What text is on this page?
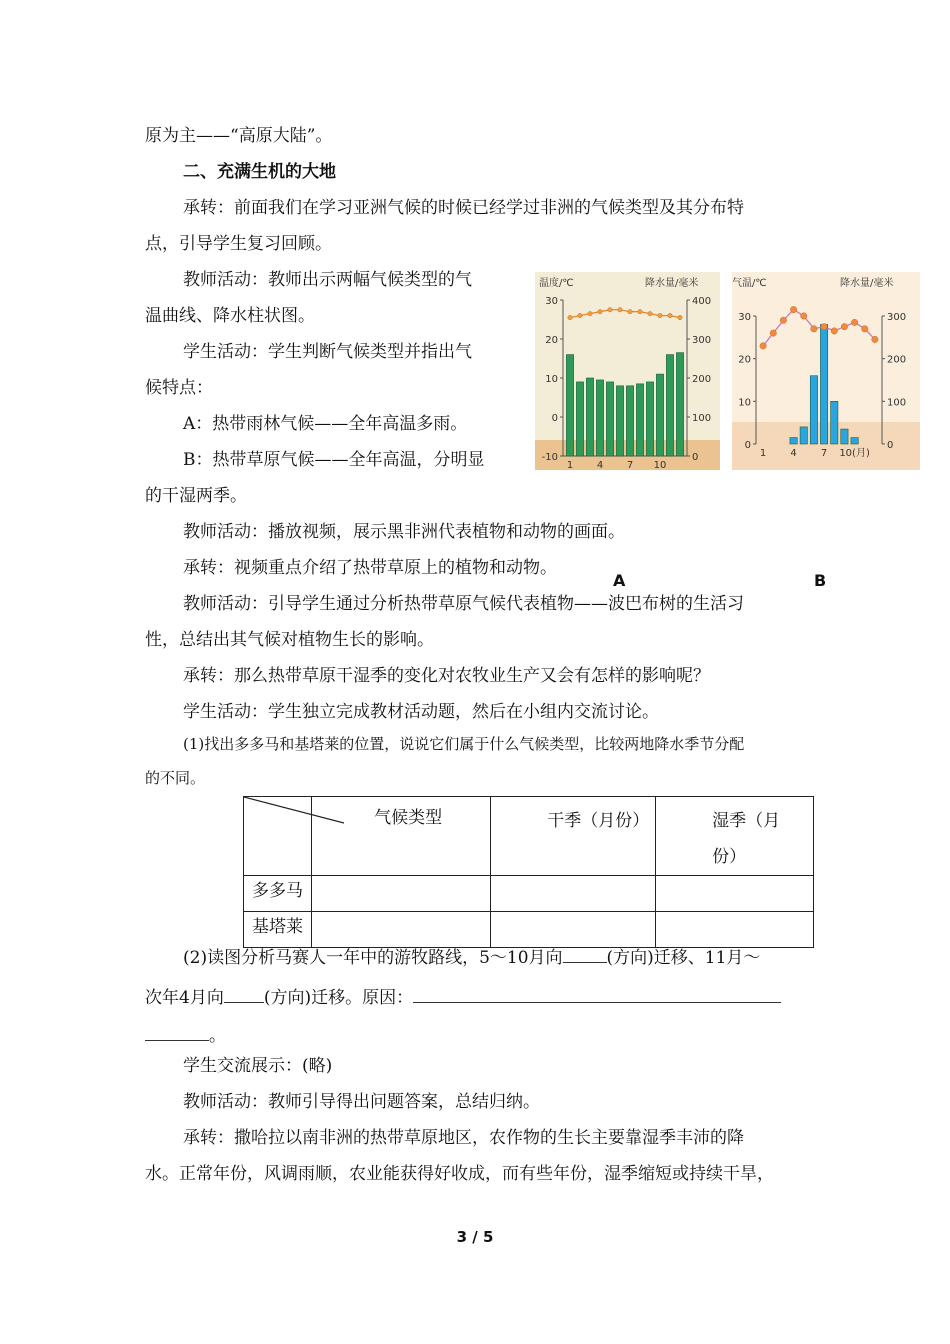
原为主——“高原大陆”。
二、充满生机的大地
承转：前面我们在学习亚洲气候的时候已经学过非洲的气候类型及其分布特
点，引导学生复习回顾。
教师活动：教师出示两幅气候类型的气
温曲线、降水柱状图。
学生活动：学生判断气候类型并指出气
候特点：
A：热带雨林气候——全年高温多雨。
B：热带草原气候——全年高温，分明显
的干湿两季。
教师活动：播放视频，展示黑非洲代表植物和动物的画面。
承转：视频重点介绍了热带草原上的植物和动物。
教师活动：引导学生通过分析热带草原气候代表植物——波巴布树的生活习
性，总结出其气候对植物生长的影响。
承转：那么热带草原干湿季的变化对农牧业生产又会有怎样的影响呢？
学生活动：学生独立完成教材活动题，然后在小组内交流讨论。
(1)找出多多马和基塔莱的位置，说说它们属于什么气候类型，比较两地降水季节分配
的不同。
温度/℃	降水量/毫米
30
20
10
0
-10
400
300
200
100
0
1 4 7 10
气温/℃	降水量/毫米
30
20
10
0
300
200
100
0
1 4 7 10(月)
A	B
	气候类型	干季（月份）	湿季（月份）
多多马			
基塔莱			
(2)读图分析马赛人一年中的游牧路线，5～10月向	(方向)迁移、11月～
次年4月向 (方向)迁移。原因：
。
学生交流展示：(略)
教师活动：教师引导得出问题答案，总结归纳。
承转：撒哈拉以南非洲的热带草原地区，农作物的生长主要靠湿季丰沛的降
水。正常年份，风调雨顺，农业能获得好收成，而有些年份，湿季缩短或持续干旱，
3 / 5
